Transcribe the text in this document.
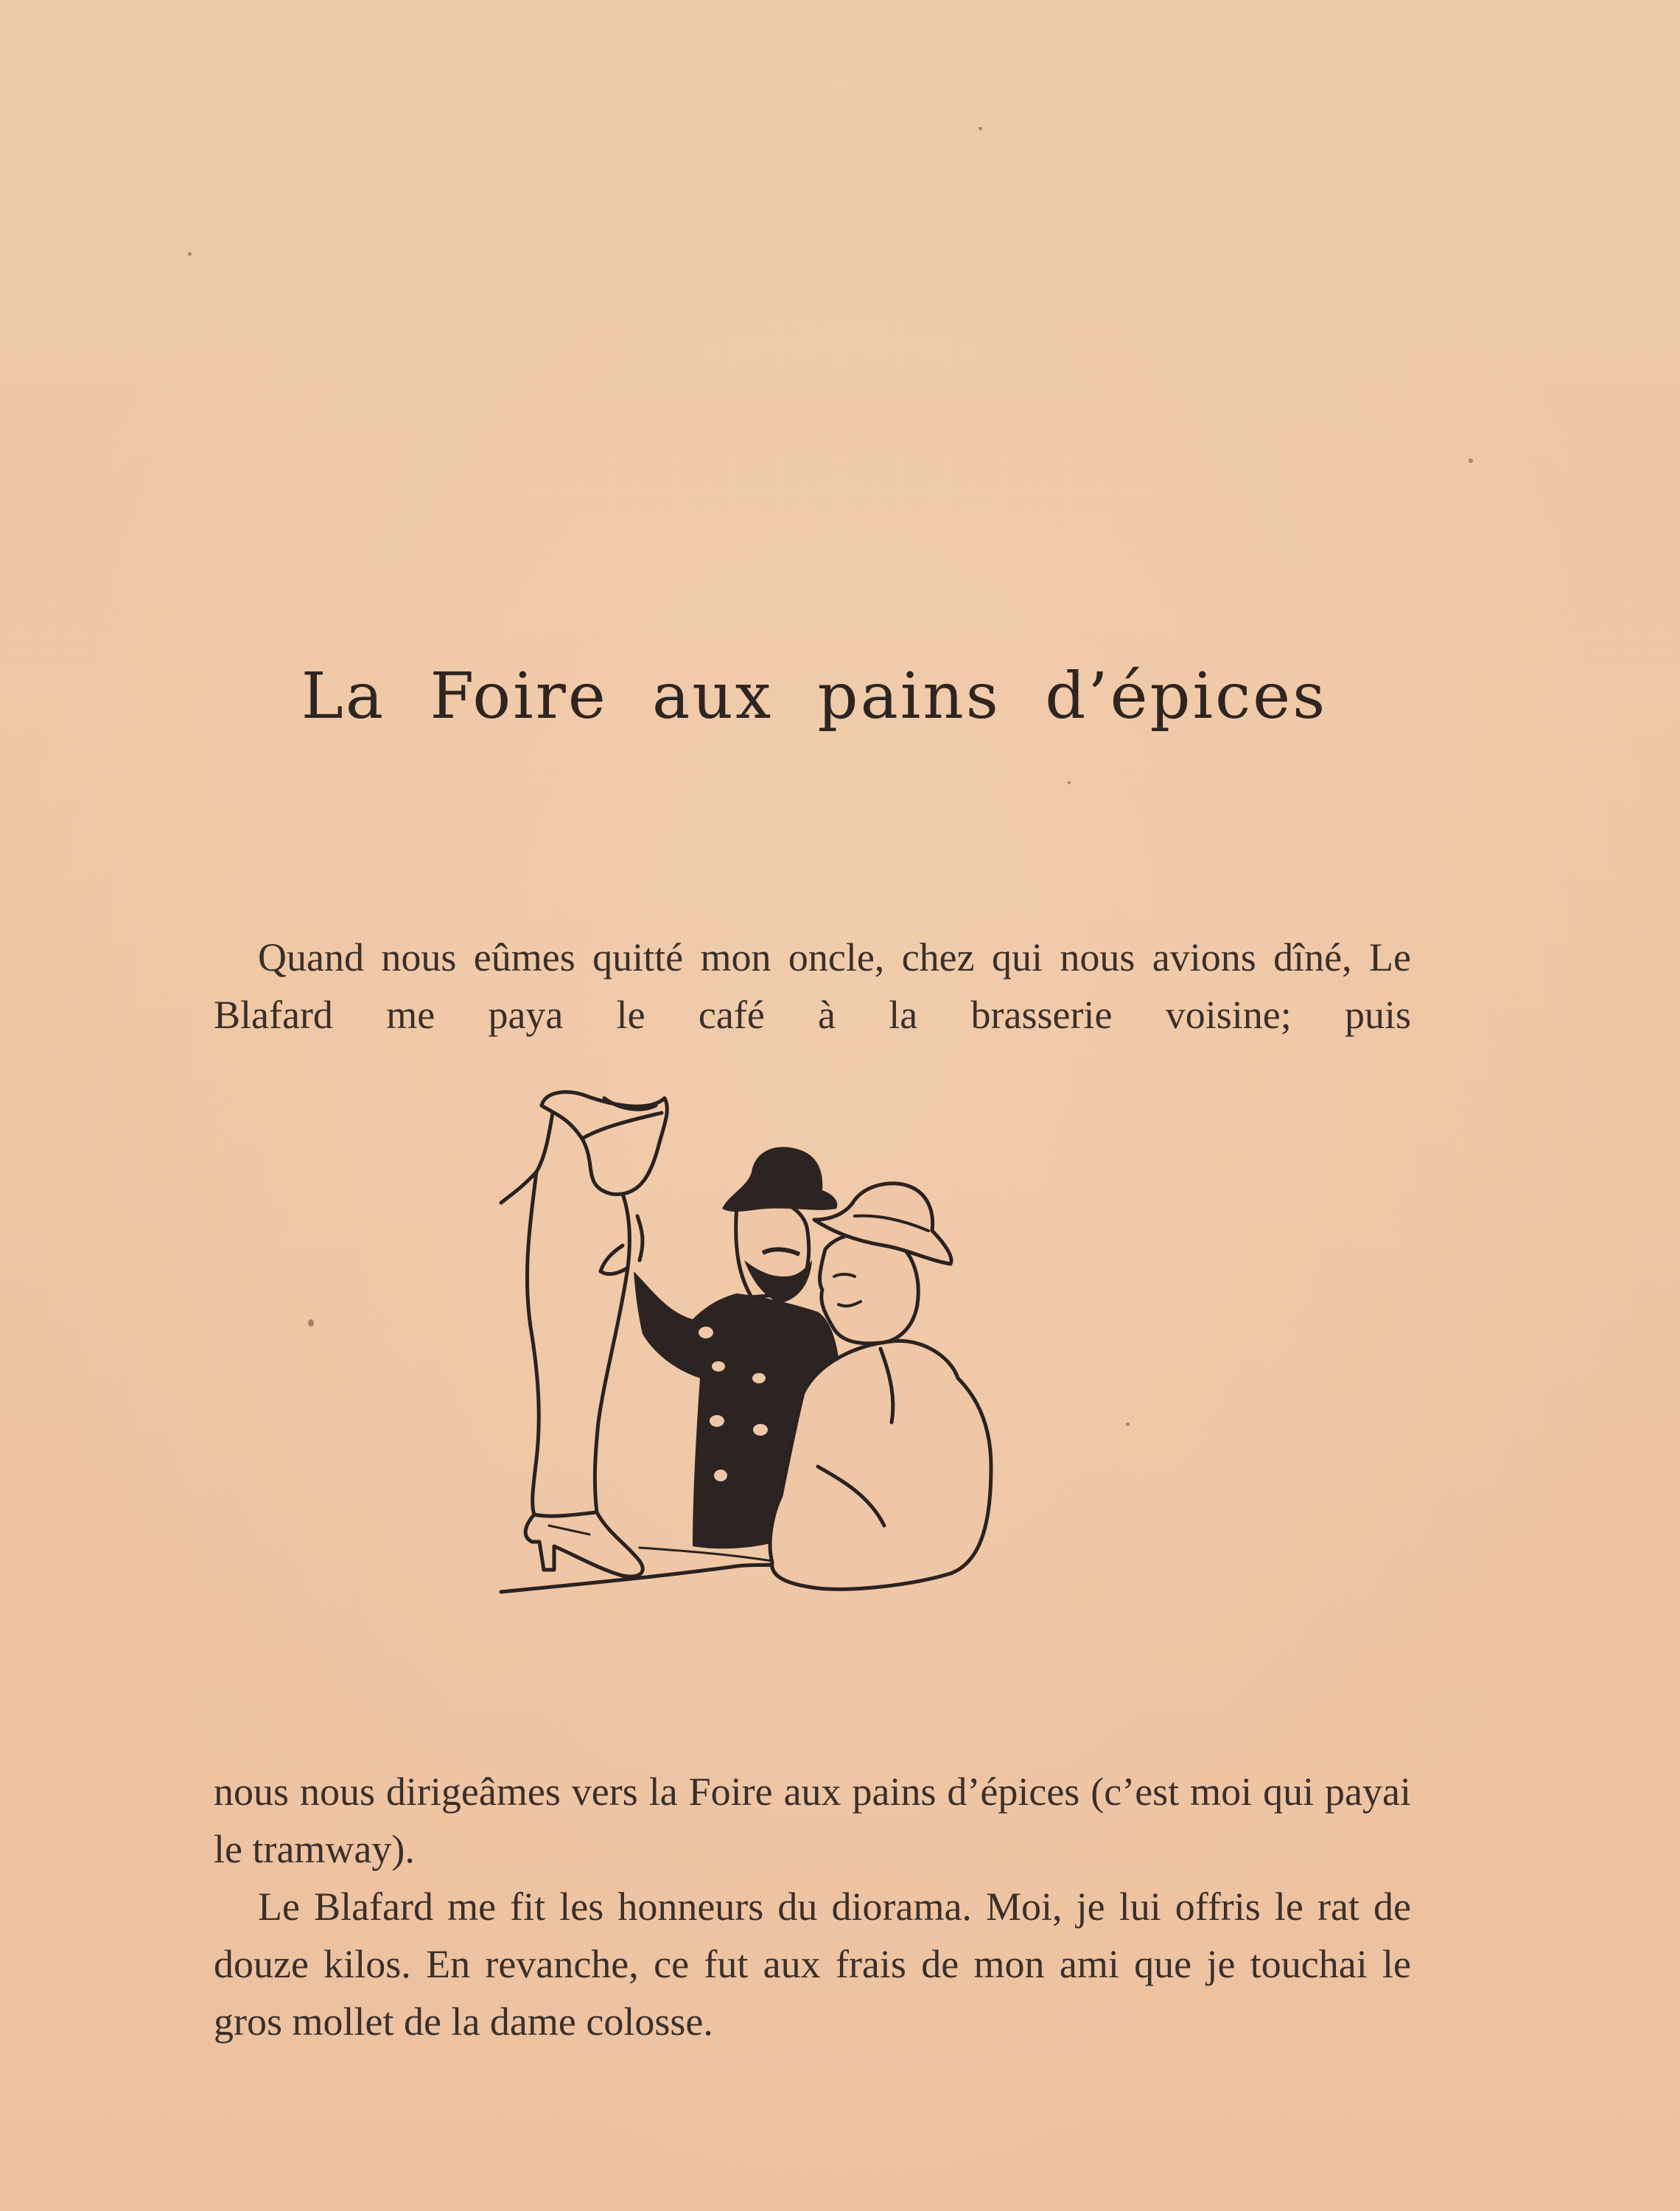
La Foire aux pains d’épices

Quand nous eûmes quitté mon oncle, chez qui nous avions dîné, Le Blafard me paya le café à la brasserie voisine; puis

nous nous dirigeâmes vers la Foire aux pains d’épices (c’est moi qui payai le tramway).

Le Blafard me fit les honneurs du diorama. Moi, je lui offris le rat de douze kilos. En revanche, ce fut aux frais de mon ami que je touchai le gros mollet de la dame colosse.
